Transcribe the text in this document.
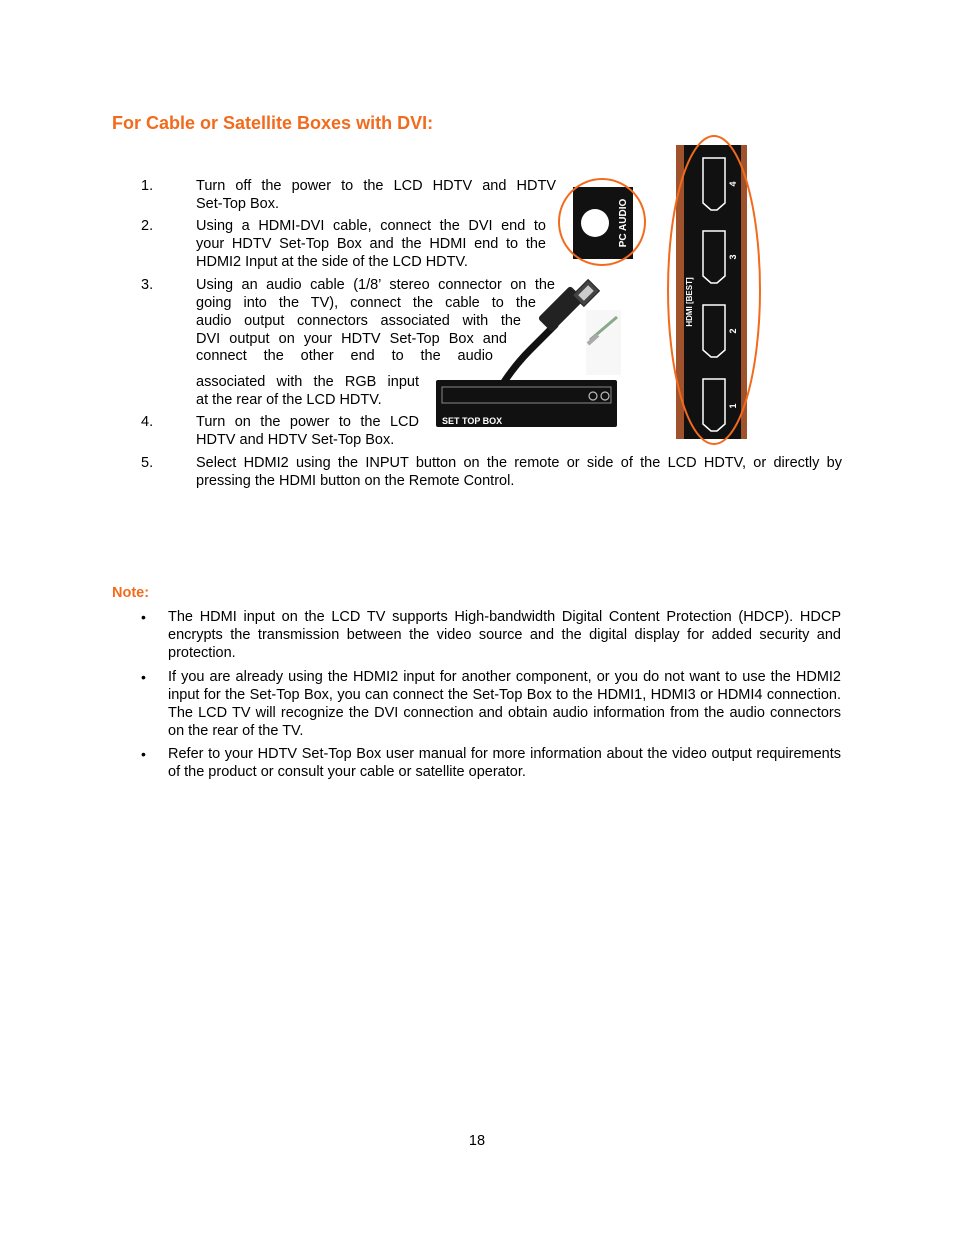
For Cable or Satellite Boxes with DVI:
1.	Turn off the power to the LCD HDTV and HDTV
Set-Top Box.
2.	Using a HDMI-DVI cable, connect the DVI end to
your HDTV Set-Top Box and the HDMI end to the
HDMI2 Input at the side of the LCD HDTV.
3.	Using an audio cable (1/8’ stereo connector on the
going into the TV), connect the cable to the
audio output connectors associated with the
DVI output on your HDTV Set-Top Box and
connect the other end to the audio
associated with the RGB input
at the rear of the LCD HDTV.
4.	Turn on the power to the LCD
HDTV and HDTV Set-Top Box.
5.	Select HDMI2 using the INPUT button on the remote or side of the LCD HDTV, or directly by
pressing the HDMI button on the Remote Control.
PC AUDIO
SET TOP BOX
4
3
2
1
HDMI [BEST]
Note:
• The HDMI input on the LCD TV supports High-bandwidth Digital Content Protection (HDCP). HDCP encrypts the transmission between the video source and the digital display for added security and protection.
• If you are already using the HDMI2 input for another component, or you do not want to use the HDMI2 input for the Set-Top Box, you can connect the Set-Top Box to the HDMI1, HDMI3 or HDMI4 connection. The LCD TV will recognize the DVI connection and obtain audio information from the audio connectors on the rear of the TV.
• Refer to your HDTV Set-Top Box user manual for more information about the video output requirements of the product or consult your cable or satellite operator.
18
